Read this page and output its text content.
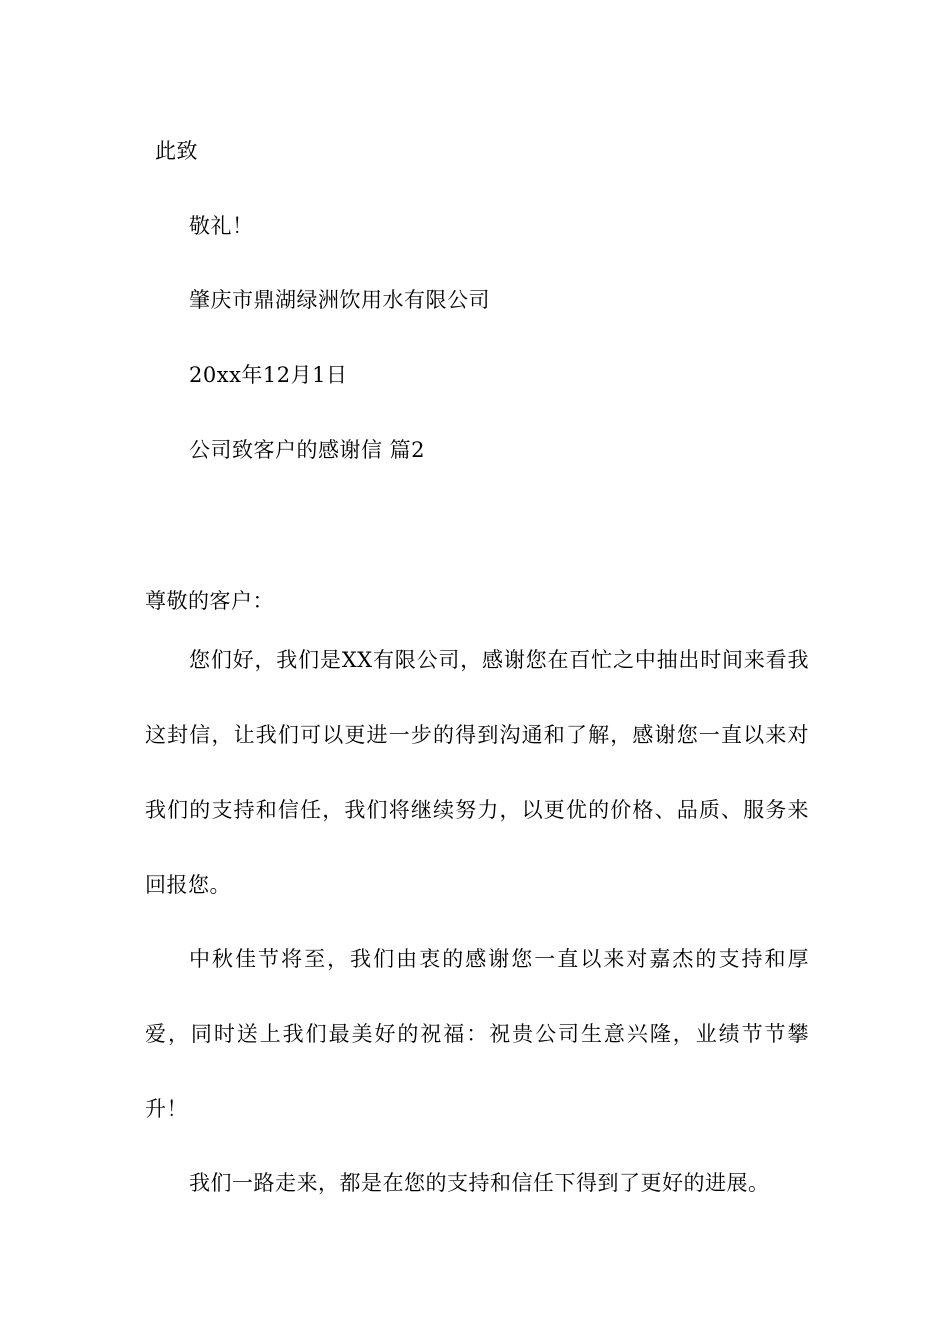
此致
敬礼！
肇庆市鼎湖绿洲饮用水有限公司
20xx年12月1日
公司致客户的感谢信 篇2
尊敬的客户：
您们好，我们是XX有限公司，感谢您在百忙之中抽出时间来看我这封信，让我们可以更进一步的得到沟通和了解，感谢您一直以来对我们的支持和信任，我们将继续努力，以更优的价格、品质、服务来回报您。
中秋佳节将至，我们由衷的感谢您一直以来对嘉杰的支持和厚爱，同时送上我们最美好的祝福：祝贵公司生意兴隆，业绩节节攀升！
我们一路走来，都是在您的支持和信任下得到了更好的进展。
